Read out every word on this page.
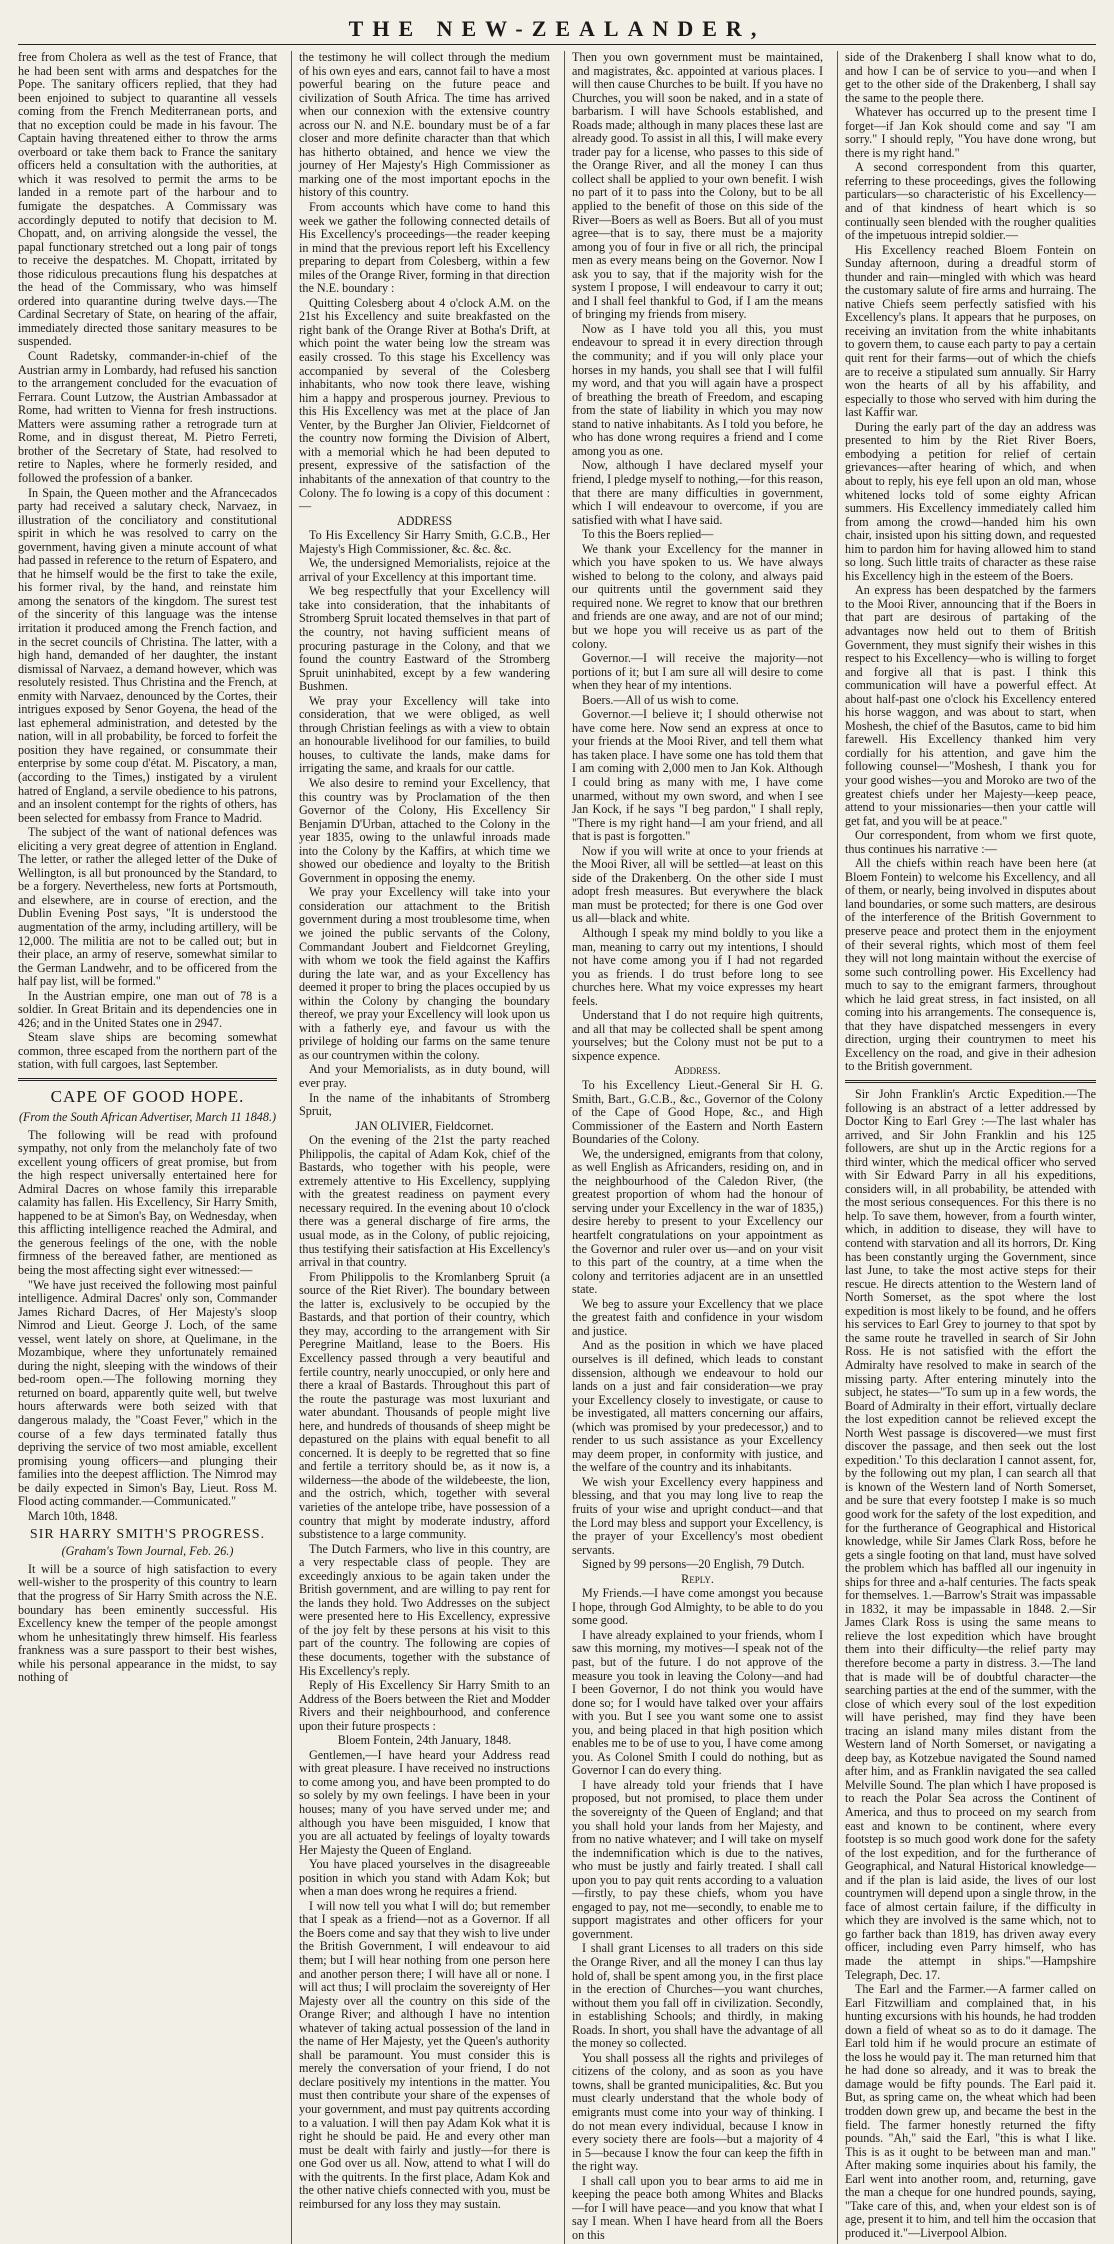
THE NEW-ZEALANDER,

free from Cholera as well as the test of France, that he had been sent with arms and despatches for the Pope. The sanitary officers replied, that they had been enjoined to subject to quarantine all vessels coming from the French Mediterranean ports, and that no exception could be made in his favour. The Captain having threatened either to throw the arms overboard or take them back to France the sanitary officers held a consultation with the authorities, at which it was resolved to permit the arms to be landed in a remote part of the harbour and to fumigate the despatches. A Commissary was accordingly deputed to notify that decision to M. Chopatt, and, on arriving alongside the vessel, the papal functionary stretched out a long pair of tongs to receive the despatches. M. Chopatt, irritated by those ridiculous precautions flung his despatches at the head of the Commissary, who was himself ordered into quarantine during twelve days.—The Cardinal Secretary of State, on hearing of the affair, immediately directed those sanitary measures to be suspended.

Count Radetsky, commander-in-chief of the Austrian army in Lombardy, had refused his sanction to the arrangement concluded for the evacuation of Ferrara. Count Lutzow, the Austrian Ambassador at Rome, had written to Vienna for fresh instructions. Matters were assuming rather a retrograde turn at Rome, and in disgust thereat, M. Pietro Ferreti, brother of the Secretary of State, had resolved to retire to Naples, where he formerly resided, and followed the profession of a banker.

In Spain, the Queen mother and the Afrancecados party had received a salutary check, Narvaez, in illustration of the conciliatory and constitutional spirit in which he was resolved to carry on the government, having given a minute account of what had passed in reference to the return of Espatero, and that he himself would be the first to take the exile, his former rival, by the hand, and reinstate him among the senators of the kingdom. The surest test of the sincerity of this language was the intense irritation it produced among the French faction, and in the secret councils of Christina. The latter, with a high hand, demanded of her daughter, the instant dismissal of Narvaez, a demand however, which was resolutely resisted. Thus Christina and the French, at enmity with Narvaez, denounced by the Cortes, their intrigues exposed by Senor Goyena, the head of the last ephemeral administration, and detested by the nation, will in all probability, be forced to forfeit the position they have regained, or consummate their enterprise by some coup d'état. M. Piscatory, a man, (according to the Times,) instigated by a virulent hatred of England, a servile obedience to his patrons, and an insolent contempt for the rights of others, has been selected for embassy from France to Madrid.

The subject of the want of national defences was eliciting a very great degree of attention in England. The letter, or rather the alleged letter of the Duke of Wellington, is all but pronounced by the Standard, to be a forgery. Nevertheless, new forts at Portsmouth, and elsewhere, are in course of erection, and the Dublin Evening Post says, "It is understood the augmentation of the army, including artillery, will be 12,000. The militia are not to be called out; but in their place, an army of reserve, somewhat similar to the German Landwehr, and to be officered from the half pay list, will be formed."

In the Austrian empire, one man out of 78 is a soldier. In Great Britain and its dependencies one in 426; and in the United States one in 2947.

Steam slave ships are becoming somewhat common, three escaped from the northern part of the station, with full cargoes, last September.

CAPE OF GOOD HOPE.
(From the South African Advertiser, March 11 1848.)

The following will be read with profound sympathy, not only from the melancholy fate of two excellent young officers of great promise, but from the high respect universally entertained here for Admiral Dacres on whose family this irreparable calamity has fallen. His Excellency, Sir Harry Smith, happened to be at Simon's Bay, on Wednesday, when this afflicting intelligence reached the Admiral, and the generous feelings of the one, with the noble firmness of the bereaved father, are mentioned as being the most affecting sight ever witnessed:—

"We have just received the following most painful intelligence. Admiral Dacres' only son, Commander James Richard Dacres, of Her Majesty's sloop Nimrod and Lieut. George J. Loch, of the same vessel, went lately on shore, at Quelimane, in the Mozambique, where they unfortunately remained during the night, sleeping with the windows of their bed-room open.—The following morning they returned on board, apparently quite well, but twelve hours afterwards were both seized with that dangerous malady, the "Coast Fever," which in the course of a few days terminated fatally thus depriving the service of two most amiable, excellent promising young officers—and plunging their families into the deepest affliction. The Nimrod may be daily expected in Simon's Bay, Lieut. Ross M. Flood acting commander.—Communicated."

March 10th, 1848.

SIR HARRY SMITH'S PROGRESS.
(Graham's Town Journal, Feb. 26.)

It will be a source of high satisfaction to every well-wisher to the prosperity of this country to learn that the progress of Sir Harry Smith across the N.E. boundary has been eminently successful. His Excellency knew the temper of the people amongst whom he unhesitatingly threw himself. His fearless frankness was a sure passport to their best wishes, while his personal appearance in the midst, to say nothing of

the testimony he will collect through the medium of his own eyes and ears, cannot fail to have a most powerful bearing on the future peace and civilization of South Africa. The time has arrived when our connexion with the extensive country across our N. and N.E. boundary must be of a far closer and more definite character than that which has hitherto obtained, and hence we view the journey of Her Majesty's High Commissioner as marking one of the most important epochs in the history of this country.

From accounts which have come to hand this week we gather the following connected details of His Excellency's proceedings—the reader keeping in mind that the previous report left his Excellency preparing to depart from Colesberg, within a few miles of the Orange River, forming in that direction the N.E. boundary :

Quitting Colesberg about 4 o'clock A.M. on the 21st his Excellency and suite breakfasted on the right bank of the Orange River at Botha's Drift, at which point the water being low the stream was easily crossed. To this stage his Excellency was accompanied by several of the Colesberg inhabitants, who now took there leave, wishing him a happy and prosperous journey. Previous to this His Excellency was met at the place of Jan Venter, by the Burgher Jan Olivier, Fieldcornet of the country now forming the Division of Albert, with a memorial which he had been deputed to present, expressive of the satisfaction of the inhabitants of the annexation of that country to the Colony. The fo lowing is a copy of this document :—

ADDRESS

To His Excellency Sir Harry Smith, G.C.B., Her Majesty's High Commissioner, &c. &c. &c.

We, the undersigned Memorialists, rejoice at the arrival of your Excellency at this important time.

We beg respectfully that your Excellency will take into consideration, that the inhabitants of Stromberg Spruit located themselves in that part of the country, not having sufficient means of procuring pasturage in the Colony, and that we found the country Eastward of the Stromberg Spruit uninhabited, except by a few wandering Bushmen.

We pray your Excellency will take into consideration, that we were obliged, as well through Christian feelings as with a view to obtain an honourable livelihood for our families, to build houses, to cultivate the lands, make dams for irrigating the same, and kraals for our cattle.

We also desire to remind your Excellency, that this country was by Proclamation of the then Governor of the Colony, His Excellency Sir Benjamin D'Urban, attached to the Colony in the year 1835, owing to the unlawful inroads made into the Colony by the Kaffirs, at which time we showed our obedience and loyalty to the British Government in opposing the enemy.

We pray your Excellency will take into your consideration our attachment to the British government during a most troublesome time, when we joined the public servants of the Colony, Commandant Joubert and Fieldcornet Greyling, with whom we took the field against the Kaffirs during the late war, and as your Excellency has deemed it proper to bring the places occupied by us within the Colony by changing the boundary thereof, we pray your Excellency will look upon us with a fatherly eye, and favour us with the privilege of holding our farms on the same tenure as our countrymen within the colony.

And your Memorialists, as in duty bound, will ever pray.

In the name of the inhabitants of Stromberg Spruit,

JAN OLIVIER, Fieldcornet.

On the evening of the 21st the party reached Philippolis, the capital of Adam Kok, chief of the Bastards, who together with his people, were extremely attentive to His Excellency, supplying with the greatest readiness on payment every necessary required. In the evening about 10 o'clock there was a general discharge of fire arms, the usual mode, as in the Colony, of public rejoicing, thus testifying their satisfaction at His Excellency's arrival in that country.

From Philippolis to the Kromlanberg Spruit (a source of the Riet River). The boundary between the latter is, exclusively to be occupied by the Bastards, and that portion of their country, which they may, according to the arrangement with Sir Peregrine Maitland, lease to the Boers. His Excellency passed through a very beautiful and fertile country, nearly unoccupied, or only here and there a kraal of Bastards. Throughout this part of the route the pasturage was most luxuriant and water abundant. Thousands of people might live here, and hundreds of thousands of sheep might be depastured on the plains with equal benefit to all concerned. It is deeply to be regretted that so fine and fertile a territory should be, as it now is, a wilderness—the abode of the wildebeeste, the lion, and the ostrich, which, together with several varieties of the antelope tribe, have possession of a country that might by moderate industry, afford substistence to a large community.

The Dutch Farmers, who live in this country, are a very respectable class of people. They are exceedingly anxious to be again taken under the British government, and are willing to pay rent for the lands they hold. Two Addresses on the subject were presented here to His Excellency, expressive of the joy felt by these persons at his visit to this part of the country. The following are copies of these documents, together with the substance of His Excellency's reply.

Reply of His Excellency Sir Harry Smith to an Address of the Boers between the Riet and Modder Rivers and their neighbourhood, and conference upon their future prospects :

Bloem Fontein, 24th January, 1848.

Gentlemen,—I have heard your Address read with great pleasure. I have received no instructions to come among you, and have been prompted to do so solely by my own feelings. I have been in your houses; many of you have served under me; and although you have been misguided, I know that you are all actuated by feelings of loyalty towards Her Majesty the Queen of England.

You have placed yourselves in the disagreeable position in which you stand with Adam Kok; but when a man does wrong he requires a friend.

I will now tell you what I will do; but remember that I speak as a friend—not as a Governor. If all the Boers come and say that they wish to live under the British Government, I will endeavour to aid them; but I will hear nothing from one person here and another person there; I will have all or none. I will act thus; I will proclaim the sovereignty of Her Majesty over all the country on this side of the Orange River; and although I have no intention whatever of taking actual possession of the land in the name of Her Majesty, yet the Queen's authority shall be paramount. You must consider this is merely the conversation of your friend, I do not declare positively my intentions in the matter. You must then contribute your share of the expenses of your government, and must pay quitrents according to a valuation. I will then pay Adam Kok what it is right he should be paid. He and every other man must be dealt with fairly and justly—for there is one God over us all. Now, attend to what I will do with the quitrents. In the first place, Adam Kok and the other native chiefs connected with you, must be reimbursed for any loss they may sustain.

Then you own government must be maintained, and magistrates, &c. appointed at various places. I will then cause Churches to be built. If you have no Churches, you will soon be naked, and in a state of barbarism. I will have Schools established, and Roads made; although in many places these last are already good. To assist in all this, I will make every trader pay for a license, who passes to this side of the Orange River, and all the money I can thus collect shall be applied to your own benefit. I wish no part of it to pass into the Colony, but to be all applied to the benefit of those on this side of the River—Boers as well as Boers. But all of you must agree—that is to say, there must be a majority among you of four in five or all rich, the principal men as every means being on the Governor. Now I ask you to say, that if the majority wish for the system I propose, I will endeavour to carry it out; and I shall feel thankful to God, if I am the means of bringing my friends from misery.

Now as I have told you all this, you must endeavour to spread it in every direction through the community; and if you will only place your horses in my hands, you shall see that I will fulfil my word, and that you will again have a prospect of breathing the breath of Freedom, and escaping from the state of liability in which you may now stand to native inhabitants. As I told you before, he who has done wrong requires a friend and I come among you as one.

Now, although I have declared myself your friend, I pledge myself to nothing,—for this reason, that there are many difficulties in government, which I will endeavour to overcome, if you are satisfied with what I have said.

To this the Boers replied—

We thank your Excellency for the manner in which you have spoken to us. We have always wished to belong to the colony, and always paid our quitrents until the government said they required none. We regret to know that our brethren and friends are one away, and are not of our mind; but we hope you will receive us as part of the colony.

Governor.—I will receive the majority—not portions of it; but I am sure all will desire to come when they hear of my intentions.

Boers.—All of us wish to come.

Governor.—I believe it; I should otherwise not have come here. Now send an express at once to your friends at the Mooi River, and tell them what has taken place. I have some one has told them that I am coming with 2,000 men to Jan Kok. Although I could bring as many with me, I have come unarmed, without my own sword, and when I see Jan Kock, if he says "I beg pardon," I shall reply, "There is my right hand—I am your friend, and all that is past is forgotten."

Now if you will write at once to your friends at the Mooi River, all will be settled—at least on this side of the Drakenberg. On the other side I must adopt fresh measures. But everywhere the black man must be protected; for there is one God over us all—black and white.

Although I speak my mind boldly to you like a man, meaning to carry out my intentions, I should not have come among you if I had not regarded you as friends. I do trust before long to see churches here. What my voice expresses my heart feels.

Understand that I do not require high quitrents, and all that may be collected shall be spent among yourselves; but the Colony must not be put to a sixpence expence.

Address.

To his Excellency Lieut.-General Sir H. G. Smith, Bart., G.C.B., &c., Governor of the Colony of the Cape of Good Hope, &c., and High Commissioner of the Eastern and North Eastern Boundaries of the Colony.

We, the undersigned, emigrants from that colony, as well English as Africanders, residing on, and in the neighbourhood of the Caledon River, (the greatest proportion of whom had the honour of serving under your Excellency in the war of 1835,) desire hereby to present to your Excellency our heartfelt congratulations on your appointment as the Governor and ruler over us—and on your visit to this part of the country, at a time when the colony and territories adjacent are in an unsettled state.

We beg to assure your Excellency that we place the greatest faith and confidence in your wisdom and justice.

And as the position in which we have placed ourselves is ill defined, which leads to constant dissension, although we endeavour to hold our lands on a just and fair consideration—we pray your Excellency closely to investigate, or cause to be investigated, all matters concerning our affairs, (which was promised by your predecessor,) and to render to us such assistance as your Excellency may deem proper, in conformity with justice, and the welfare of the country and its inhabitants.

We wish your Excellency every happiness and blessing, and that you may long live to reap the fruits of your wise and upright conduct—and that the Lord may bless and support your Excellency, is the prayer of your Excellency's most obedient servants.

Signed by 99 persons—20 English, 79 Dutch.

Reply.

My Friends.—I have come amongst you because I hope, through God Almighty, to be able to do you some good.

I have already explained to your friends, whom I saw this morning, my motives—I speak not of the past, but of the future. I do not approve of the measure you took in leaving the Colony—and had I been Governor, I do not think you would have done so; for I would have talked over your affairs with you. But I see you want some one to assist you, and being placed in that high position which enables me to be of use to you, I have come among you. As Colonel Smith I could do nothing, but as Governor I can do every thing.

I have already told your friends that I have proposed, but not promised, to place them under the sovereignty of the Queen of England; and that you shall hold your lands from her Majesty, and from no native whatever; and I will take on myself the indemnification which is due to the natives, who must be justly and fairly treated. I shall call upon you to pay quit rents according to a valuation—firstly, to pay these chiefs, whom you have engaged to pay, not me—secondly, to enable me to support magistrates and other officers for your government.

I shall grant Licenses to all traders on this side the Orange River, and all the money I can thus lay hold of, shall be spent among you, in the first place in the erection of Churches—you want churches, without them you fall off in civilization. Secondly, in establishing Schools; and thirdly, in making Roads. In short, you shall have the advantage of all the money so collected.

You shall possess all the rights and privileges of citizens of the colony, and as soon as you have towns, shall be granted municipalities, &c. But you must clearly understand that the whole body of emigrants must come into your way of thinking. I do not mean every individual, because I know in every society there are fools—but a majority of 4 in 5—because I know the four can keep the fifth in the right way.

I shall call upon you to bear arms to aid me in keeping the peace both among Whites and Blacks—for I will have peace—and you know that what I say I mean. When I have heard from all the Boers on this

side of the Drakenberg I shall know what to do, and how I can be of service to you—and when I get to the other side of the Drakenberg, I shall say the same to the people there.

Whatever has occurred up to the present time I forget—if Jan Kok should come and say "I am sorry." I should reply, "You have done wrong, but there is my right hand."

A second correspondent from this quarter, referring to these proceedings, gives the following particulars—so characteristic of his Excellency—and of that kindness of heart which is so continually seen blended with the rougher qualities of the impetuous intrepid soldier.—

His Excellency reached Bloem Fontein on Sunday afternoon, during a dreadful storm of thunder and rain—mingled with which was heard the customary salute of fire arms and hurraing. The native Chiefs seem perfectly satisfied with his Excellency's plans. It appears that he purposes, on receiving an invitation from the white inhabitants to govern them, to cause each party to pay a certain quit rent for their farms—out of which the chiefs are to receive a stipulated sum annually. Sir Harry won the hearts of all by his affability, and especially to those who served with him during the last Kaffir war.

During the early part of the day an address was presented to him by the Riet River Boers, embodying a petition for relief of certain grievances—after hearing of which, and when about to reply, his eye fell upon an old man, whose whitened locks told of some eighty African summers. His Excellency immediately called him from among the crowd—handed him his own chair, insisted upon his sitting down, and requested him to pardon him for having allowed him to stand so long. Such little traits of character as these raise his Excellency high in the esteem of the Boers.

An express has been despatched by the farmers to the Mooi River, announcing that if the Boers in that part are desirous of partaking of the advantages now held out to them of British Government, they must signify their wishes in this respect to his Excellency—who is willing to forget and forgive all that is past. I think this communication will have a powerful effect. At about half-past one o'clock his Excellency entered his horse waggon, and was about to start, when Moshesh, the chief of the Basutos, came to bid him farewell. His Excellency thanked him very cordially for his attention, and gave him the following counsel—"Moshesh, I thank you for your good wishes—you and Moroko are two of the greatest chiefs under her Majesty—keep peace, attend to your missionaries—then your cattle will get fat, and you will be at peace."

Our correspondent, from whom we first quote, thus continues his narrative :—

All the chiefs within reach have been here (at Bloem Fontein) to welcome his Excellency, and all of them, or nearly, being involved in disputes about land boundaries, or some such matters, are desirous of the interference of the British Government to preserve peace and protect them in the enjoyment of their several rights, which most of them feel they will not long maintain without the exercise of some such controlling power. His Excellency had much to say to the emigrant farmers, throughout which he laid great stress, in fact insisted, on all coming into his arrangements. The consequence is, that they have dispatched messengers in every direction, urging their countrymen to meet his Excellency on the road, and give in their adhesion to the British government.

Sir John Franklin's Arctic Expedition.—The following is an abstract of a letter addressed by Doctor King to Earl Grey :—The last whaler has arrived, and Sir John Franklin and his 125 followers, are shut up in the Arctic regions for a third winter, which the medical officer who served with Sir Edward Parry in all his expeditions, considers will, in all probability, be attended with the most serious consequences. For this there is no help. To save them, however, from a fourth winter, which, in addition to disease, they will have to contend with starvation and all its horrors, Dr. King has been constantly urging the Government, since last June, to take the most active steps for their rescue. He directs attention to the Western land of North Somerset, as the spot where the lost expedition is most likely to be found, and he offers his services to Earl Grey to journey to that spot by the same route he travelled in search of Sir John Ross. He is not satisfied with the effort the Admiralty have resolved to make in search of the missing party. After entering minutely into the subject, he states—"To sum up in a few words, the Board of Admiralty in their effort, virtually declare the lost expedition cannot be relieved except the North West passage is discovered—we must first discover the passage, and then seek out the lost expedition.' To this declaration I cannot assent, for, by the following out my plan, I can search all that is known of the Western land of North Somerset, and be sure that every footstep I make is so much good work for the safety of the lost expedition, and for the furtherance of Geographical and Historical knowledge, while Sir James Clark Ross, before he gets a single footing on that land, must have solved the problem which has baffled all our ingenuity in ships for three and a-half centuries. The facts speak for themselves. 1.—Barrow's Strait was impassable in 1832, it may be impassable in 1848. 2.—Sir James Clark Ross is using the same means to relieve the lost expedition which have brought them into their difficulty—the relief party may therefore become a party in distress. 3.—The land that is made will be of doubtful character—the searching parties at the end of the summer, with the close of which every soul of the lost expedition will have perished, may find they have been tracing an island many miles distant from the Western land of North Somerset, or navigating a deep bay, as Kotzebue navigated the Sound named after him, and as Franklin navigated the sea called Melville Sound. The plan which I have proposed is to reach the Polar Sea across the Continent of America, and thus to proceed on my search from east and known to be continent, where every footstep is so much good work done for the safety of the lost expedition, and for the furtherance of Geographical, and Natural Historical knowledge—and if the plan is laid aside, the lives of our lost countrymen will depend upon a single throw, in the face of almost certain failure, if the difficulty in which they are involved is the same which, not to go farther back than 1819, has driven away every officer, including even Parry himself, who has made the attempt in ships."—Hampshire Telegraph, Dec. 17.

The Earl and the Farmer.—A farmer called on Earl Fitzwilliam and complained that, in his hunting excursions with his hounds, he had trodden down a field of wheat so as to do it damage. The Earl told him if he would procure an estimate of the loss he would pay it. The man returned him that he had done so already, and it was to break the damage would be fifty pounds. The Earl paid it. But, as spring came on, the wheat which had been trodden down grew up, and became the best in the field. The farmer honestly returned the fifty pounds. "Ah," said the Earl, "this is what I like. This is as it ought to be between man and man." After making some inquiries about his family, the Earl went into another room, and, returning, gave the man a cheque for one hundred pounds, saying, "Take care of this, and, when your eldest son is of age, present it to him, and tell him the occasion that produced it."—Liverpool Albion.
